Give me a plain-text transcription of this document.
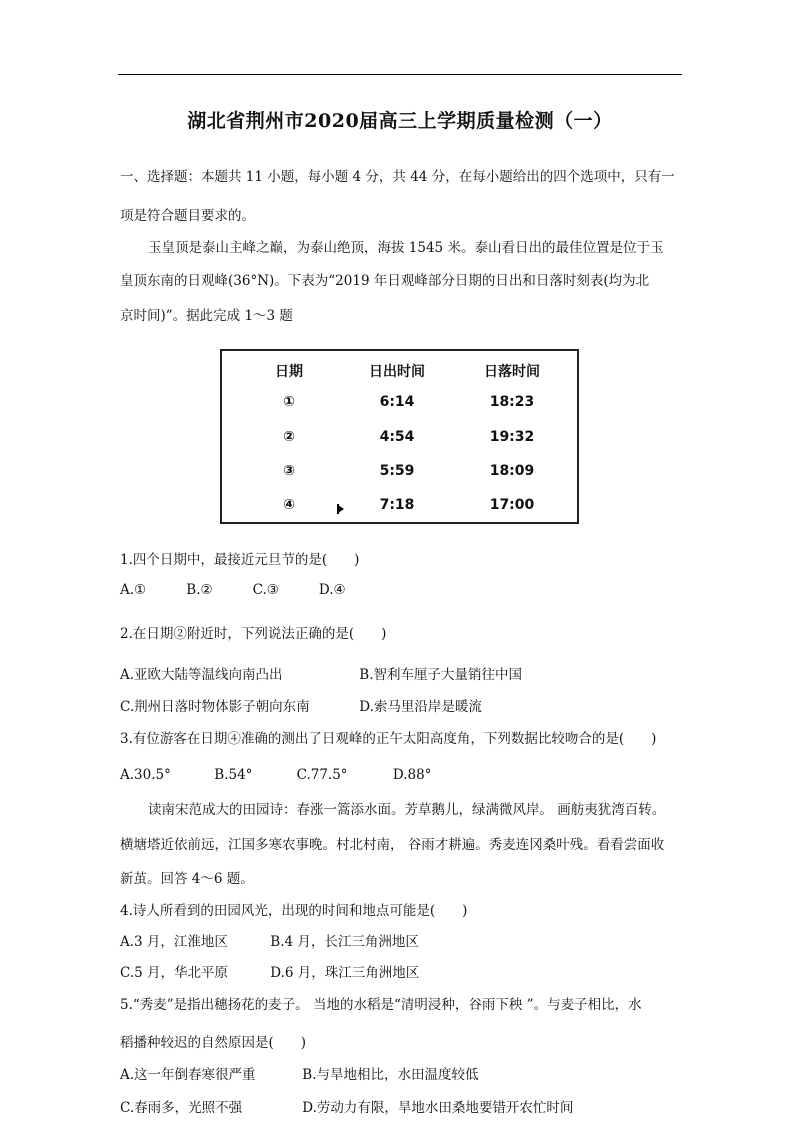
湖北省荆州市2020届高三上学期质量检测（一）
一、选择题：本题共 11 小题，每小题 4 分，共 44 分，在每小题给出的四个选项中，只有一
项是符合题目要求的。
玉皇顶是泰山主峰之巅，为泰山绝顶，海拔 1545 米。泰山看日出的最佳位置是位于玉
皇顶东南的日观峰(36°N)。下表为“2019 年日观峰部分日期的日出和日落时刻表(均为北
京时间)”。据此完成 1～3 题
日期	日出时间	日落时间
①	6:14	18:23
②	4:54	19:32
③	5:59	18:09
④	7:18	17:00
1.四个日期中，最接近元旦节的是(　　)
A.①	B.②	C.③	D.④
2.在日期②附近时，下列说法正确的是(　　)
A.亚欧大陆等温线向南凸出	B.智利车厘子大量销往中国
C.荆州日落时物体影子朝向东南	D.索马里沿岸是暖流
3.有位游客在日期④准确的测出了日观峰的正午太阳高度角，下列数据比较吻合的是(　　)
A.30.5°	B.54°	C.77.5°	D.88°
读南宋范成大的田园诗：春涨一篙添水面。芳草鹅儿，绿满微风岸。 画舫夷犹湾百转。
横塘塔近依前远，江国多寒农事晚。村北村南， 谷雨才耕遍。秀麦连冈桑叶残。看看尝面收
新茧。回答 4～6 题。
4.诗人所看到的田园风光，出现的时间和地点可能是(　　)
A.3 月，江淮地区	B.4 月，长江三角洲地区
C.5 月，华北平原	D.6 月，珠江三角洲地区
5.“秀麦”是指出穗扬花的麦子。 当地的水稻是“清明浸种，谷雨下秧 ”。与麦子相比，水
稻播种较迟的自然原因是(　　)
A.这一年倒春寒很严重	B.与旱地相比，水田温度较低
C.春雨多，光照不强	D.劳动力有限，旱地水田桑地要错开农忙时间
